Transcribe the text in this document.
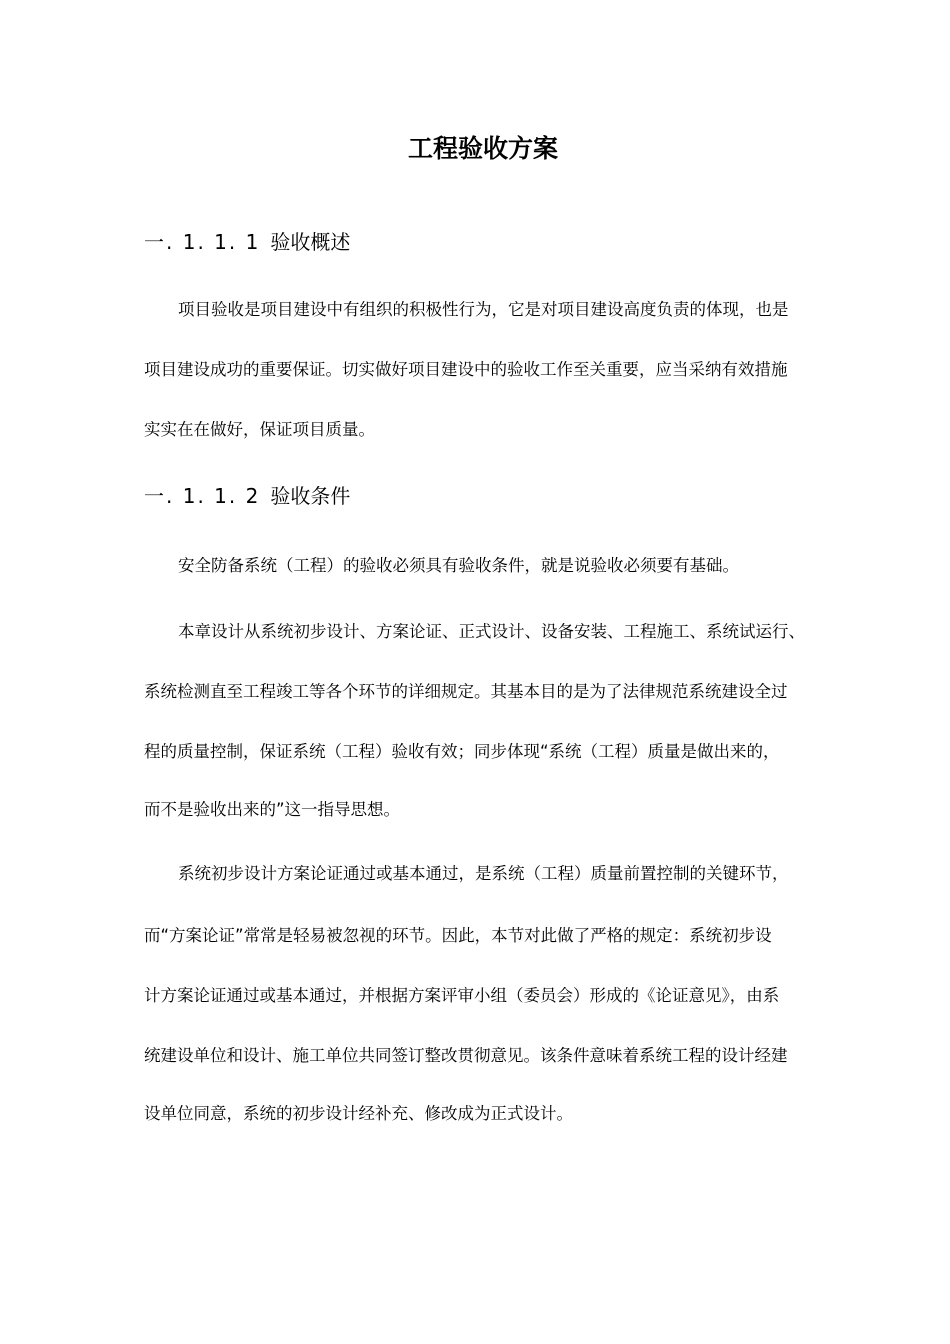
工程验收方案
一. 1. 1. 1 验收概述

项目验收是项目建设中有组织的积极性行为，它是对项目建设高度负责的体现，也是

项目建设成功的重要保证。切实做好项目建设中的验收工作至关重要，应当采纳有效措施

实实在在做好，保证项目质量。

一. 1. 1. 2 验收条件

安全防备系统（工程）的验收必须具有验收条件，就是说验收必须要有基础。

本章设计从系统初步设计、方案论证、正式设计、设备安装、工程施工、系统试运行、

系统检测直至工程竣工等各个环节的详细规定。其基本目的是为了法律规范系统建设全过

程的质量控制，保证系统（工程）验收有效；同步体现“系统（工程）质量是做出来的，

而不是验收出来的”这一指导思想。

系统初步设计方案论证通过或基本通过，是系统（工程）质量前置控制的关键环节，

而“方案论证”常常是轻易被忽视的环节。因此，本节对此做了严格的规定：系统初步设

计方案论证通过或基本通过，并根据方案评审小组（委员会）形成的《论证意见》，由系

统建设单位和设计、施工单位共同签订整改贯彻意见。该条件意味着系统工程的设计经建

设单位同意，系统的初步设计经补充、修改成为正式设计。
